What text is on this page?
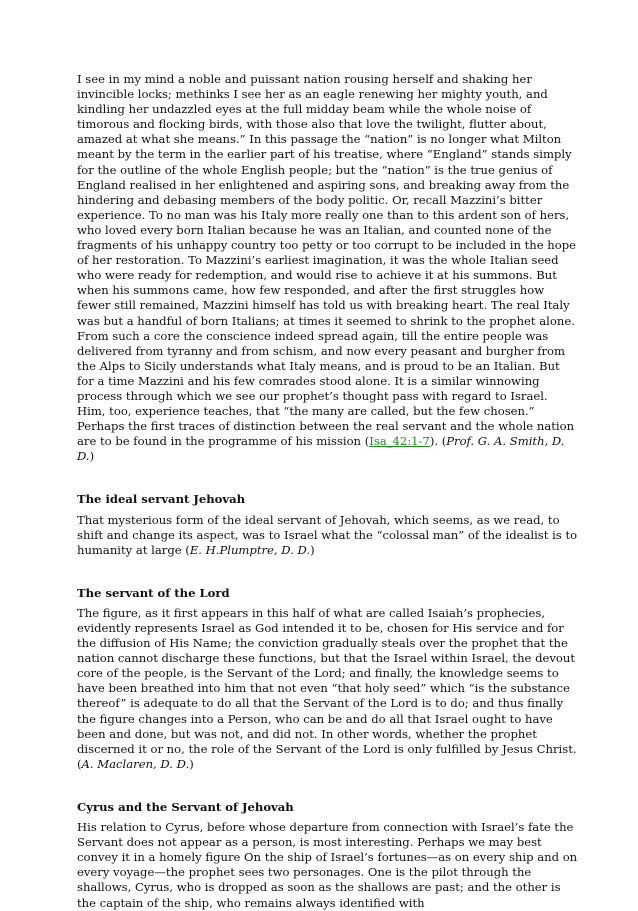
I see in my mind a noble and puissant nation rousing herself and shaking her invincible locks; methinks I see her as an eagle renewing her mighty youth, and kindling her undazzled eyes at the full midday beam while the whole noise of timorous and flocking birds, with those also that love the twilight, flutter about, amazed at what she means.” In this passage the “nation” is no longer what Milton meant by the term in the earlier part of his treatise, where “England” stands simply for the outline of the whole English people; but the “nation” is the true genius of England realised in her enlightened and aspiring sons, and breaking away from the hindering and debasing members of the body politic. Or, recall Mazzini’s bitter experience. To no man was his Italy more really one than to this ardent son of hers, who loved every born Italian because he was an Italian, and counted none of the fragments of his unhappy country too petty or too corrupt to be included in the hope of her restoration. To Mazzini’s earliest imagination, it was the whole Italian seed who were ready for redemption, and would rise to achieve it at his summons. But when his summons came, how few responded, and after the first struggles how fewer still remained, Mazzini himself has told us with breaking heart. The real Italy was but a handful of born Italians; at times it seemed to shrink to the prophet alone. From such a core the conscience indeed spread again, till the entire people was delivered from tyranny and from schism, and now every peasant and burgher from the Alps to Sicily understands what Italy means, and is proud to be an Italian. But for a time Mazzini and his few comrades stood alone. It is a similar winnowing process through which we see our prophet’s thought pass with regard to Israel. Him, too, experience teaches, that “the many are called, but the few chosen.” Perhaps the first traces of distinction between the real servant and the whole nation are to be found in the programme of his mission (Isa_42:1-7). (Prof. G. A. Smith, D. D.)

The ideal servant Jehovah

That mysterious form of the ideal servant of Jehovah, which seems, as we read, to shift and change its aspect, was to Israel what the “colossal man” of the idealist is to humanity at large (E. H.Plumptre, D. D.)

The servant of the Lord

The figure, as it first appears in this half of what are called Isaiah’s prophecies, evidently represents Israel as God intended it to be, chosen for His service and for the diffusion of His Name; the conviction gradually steals over the prophet that the nation cannot discharge these functions, but that the Israel within Israel, the devout core of the people, is the Servant of the Lord; and finally, the knowledge seems to have been breathed into him that not even “that holy seed” which “is the substance thereof” is adequate to do all that the Servant of the Lord is to do; and thus finally the figure changes into a Person, who can be and do all that Israel ought to have been and done, but was not, and did not. In other words, whether the prophet discerned it or no, the role of the Servant of the Lord is only fulfilled by Jesus Christ. (A. Maclaren, D. D.)

Cyrus and the Servant of Jehovah

His relation to Cyrus, before whose departure from connection with Israel’s fate the Servant does not appear as a person, is most interesting. Perhaps we may best convey it in a homely figure On the ship of Israel’s fortunes—as on every ship and on every voyage—the prophet sees two personages. One is the pilot through the shallows, Cyrus, who is dropped as soon as the shallows are past; and the other is the captain of the ship, who remains always identified with
